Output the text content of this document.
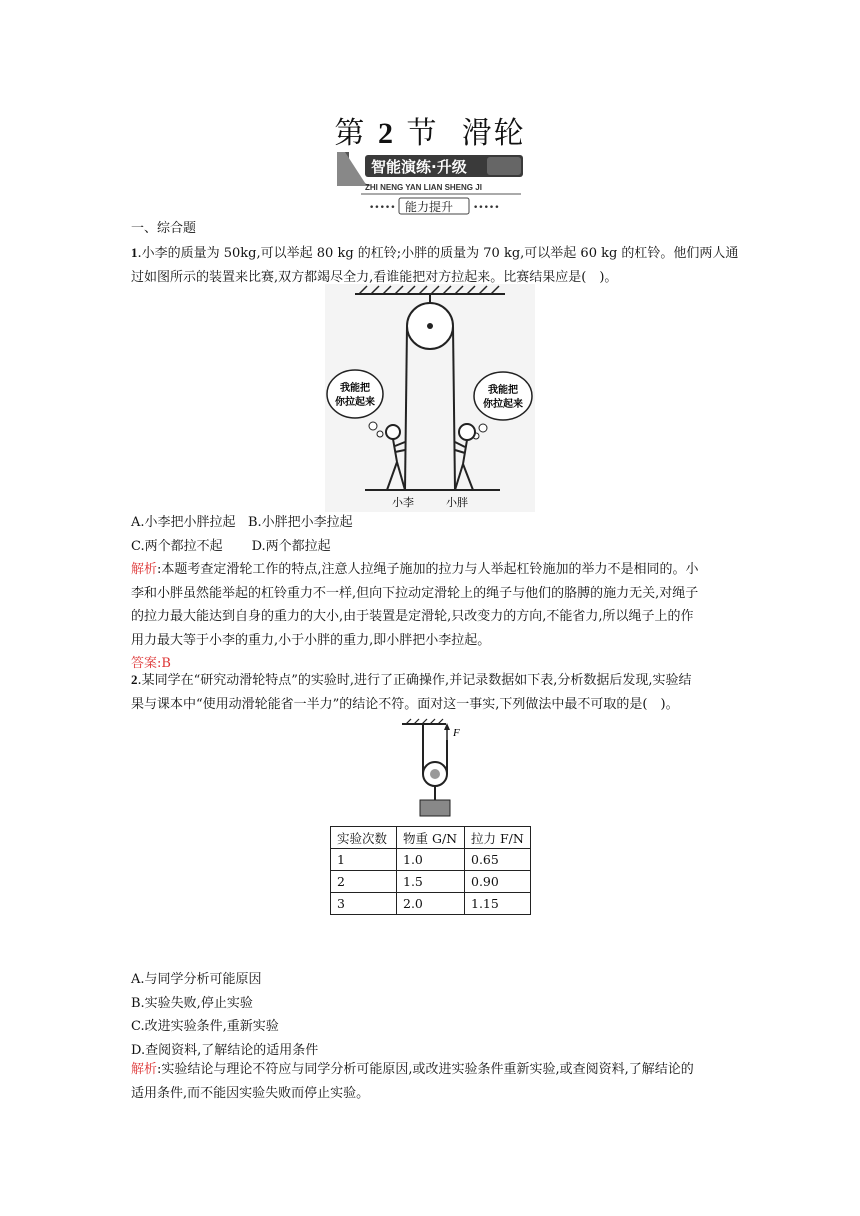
第 2 节 滑轮
智能演练·升级
ZHI NENG YAN LIAN SHENG JI
••••• 能力提升 •••••
一、综合题
1.小李的质量为 50kg,可以举起 80 kg 的杠铃;小胖的质量为 70 kg,可以举起 60 kg 的杠铃。他们两人通
过如图所示的装置来比赛,双方都竭尽全力,看谁能把对方拉起来。比赛结果应是(　)。
我能把
你拉起来
我能把
你拉起来
小李	小胖
A.小李把小胖拉起 B.小胖把小李拉起
C.两个都拉不起 D.两个都拉起
解析:本题考查定滑轮工作的特点,注意人拉绳子施加的拉力与人举起杠铃施加的举力不是相同的。小
李和小胖虽然能举起的杠铃重力不一样,但向下拉动定滑轮上的绳子与他们的胳膊的施力无关,对绳子
的拉力最大能达到自身的重力的大小,由于装置是定滑轮,只改变力的方向,不能省力,所以绳子上的作
用力最大等于小李的重力,小于小胖的重力,即小胖把小李拉起。
答案:B
2.某同学在“研究动滑轮特点”的实验时,进行了正确操作,并记录数据如下表,分析数据后发现,实验结
果与课本中“使用动滑轮能省一半力”的结论不符。面对这一事实,下列做法中最不可取的是(　)。
F
实验次数	物重 G/N	拉力 F/N
1	1.0	0.65
2	1.5	0.90
3	2.0	1.15
A.与同学分析可能原因
B.实验失败,停止实验
C.改进实验条件,重新实验
D.查阅资料,了解结论的适用条件
解析:实验结论与理论不符应与同学分析可能原因,或改进实验条件重新实验,或查阅资料,了解结论的
适用条件,而不能因实验失败而停止实验。
